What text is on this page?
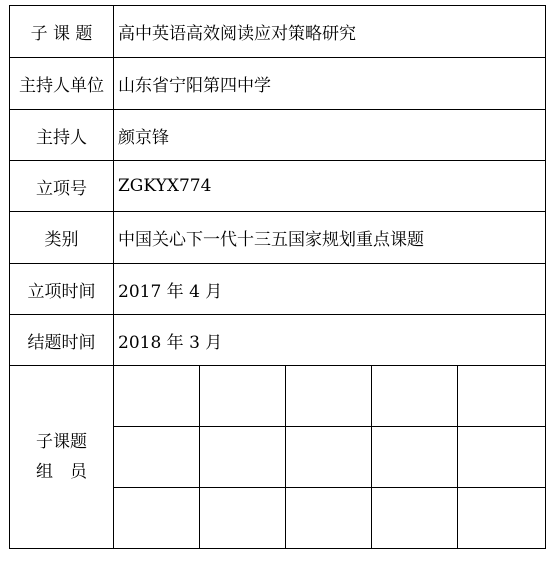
子 课 题	高中英语高效阅读应对策略研究				
主持人单位	山东省宁阳第四中学				
主持人	颜京锋				
立项号	ZGKYX774				
类别	中国关心下一代十三五国家规划重点课题				
立项时间	2017 年 4 月				
结题时间	2018 年 3 月				

子课题
组　员					
